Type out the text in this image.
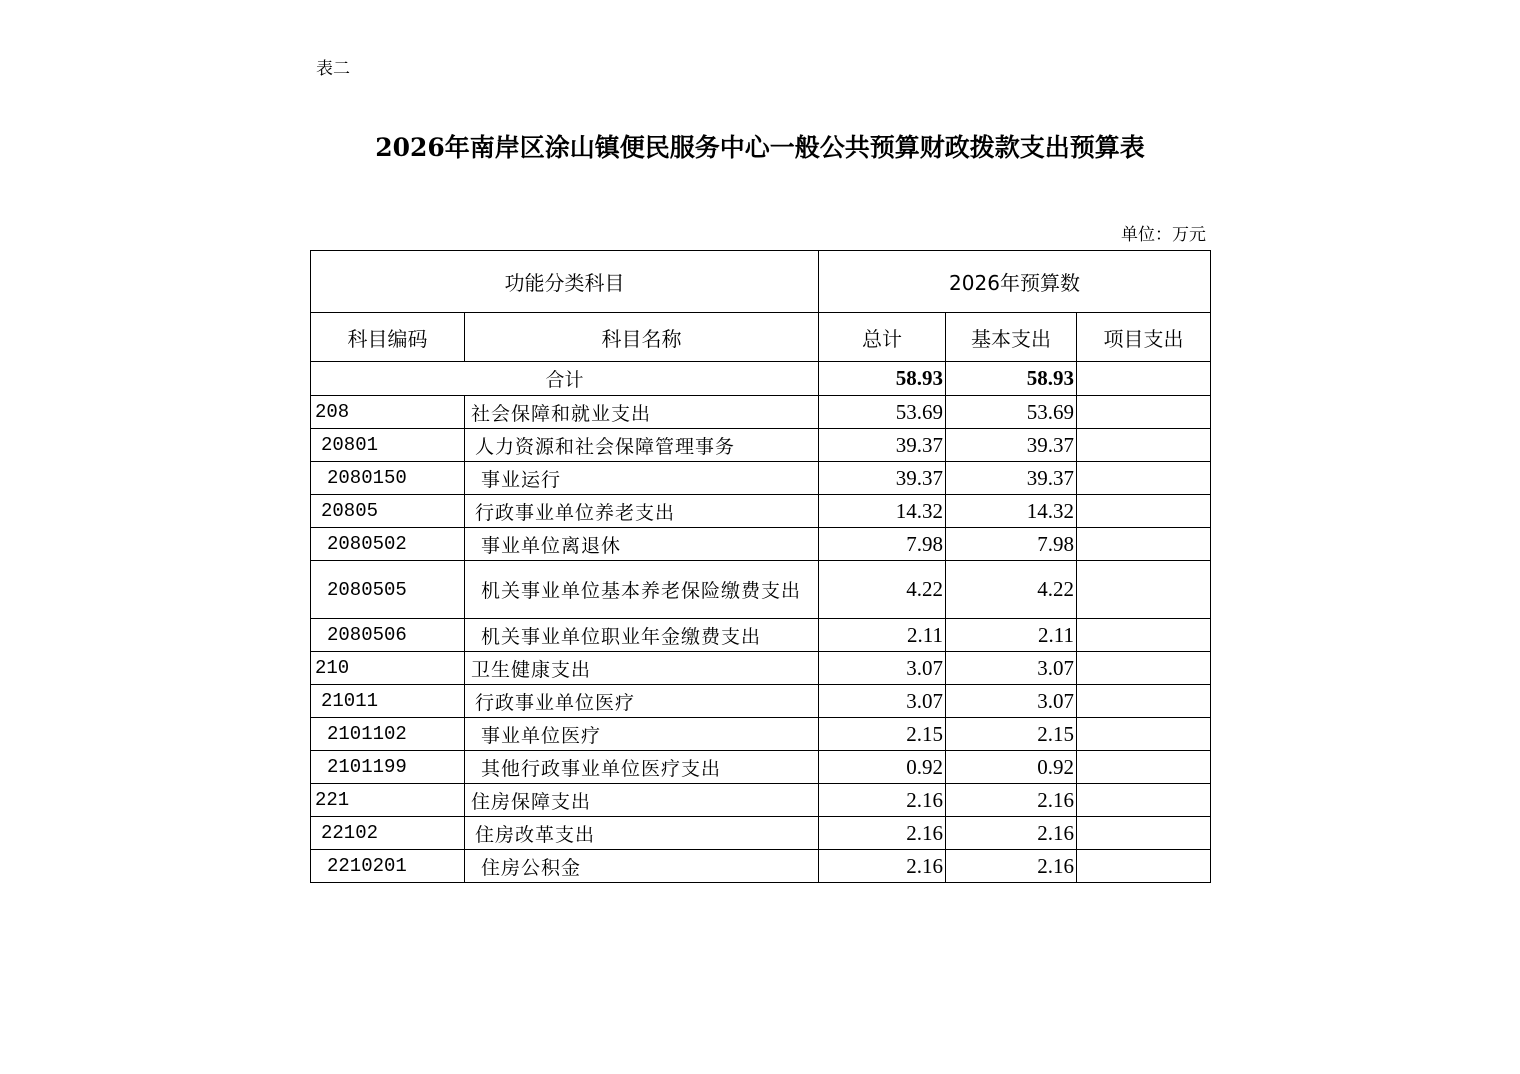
表二
2026年南岸区涂山镇便民服务中心一般公共预算财政拨款支出预算表
单位：万元
功能分类科目		2026年预算数		
科目编码	科目名称	总计	基本支出	项目支出
合计		58.93	58.93	
208	社会保障和就业支出	53.69	53.69	
20801	人力资源和社会保障管理事务	39.37	39.37	
2080150	事业运行	39.37	39.37	
20805	行政事业单位养老支出	14.32	14.32	
2080502	事业单位离退休	7.98	7.98	
2080505	机关事业单位基本养老保险缴费支出	4.22	4.22	
2080506	机关事业单位职业年金缴费支出	2.11	2.11	
210	卫生健康支出	3.07	3.07	
21011	行政事业单位医疗	3.07	3.07	
2101102	事业单位医疗	2.15	2.15	
2101199	其他行政事业单位医疗支出	0.92	0.92	
221	住房保障支出	2.16	2.16	
22102	住房改革支出	2.16	2.16	
2210201	住房公积金	2.16	2.16	
